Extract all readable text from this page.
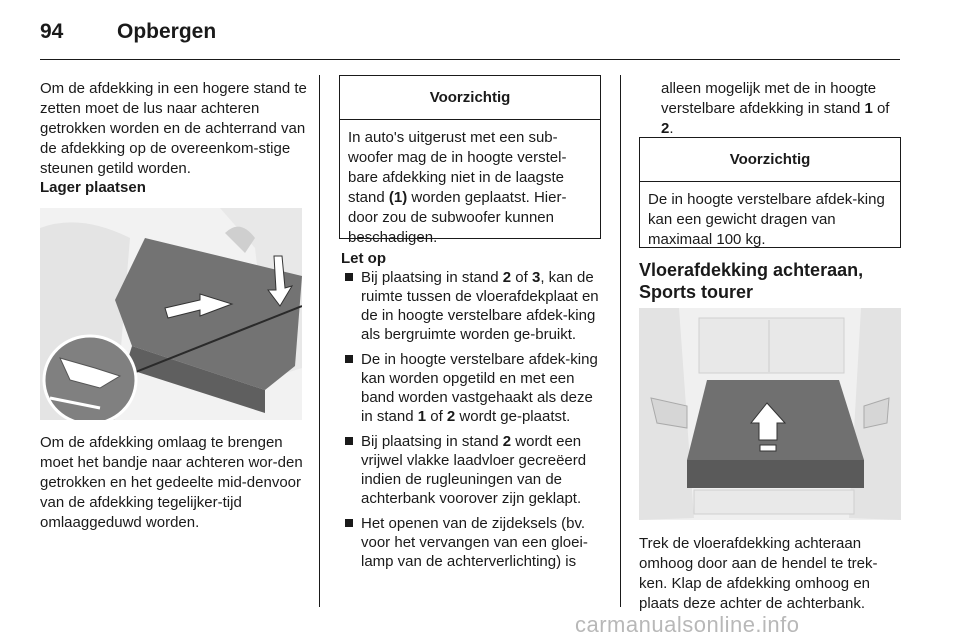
94	Opbergen

Om de afdekking in een hogere stand te zetten moet de lus naar achteren getrokken worden en de achterrand van de afdekking op de overeenkom-stige steunen getild worden.

Lager plaatsen

Om de afdekking omlaag te brengen moet het bandje naar achteren wor-den getrokken en het gedeelte mid-denvoor van de afdekking tegelijker-tijd omlaaggeduwd worden.

Voorzichtig
In auto's uitgerust met een sub-woofer mag de in hoogte verstel-bare afdekking niet in de laagste stand (1) worden geplaatst. Hier-door zou de subwoofer kunnen beschadigen.
Let op
Bij plaatsing in stand 2 of 3, kan de ruimte tussen de vloerafdekplaat en de in hoogte verstelbare afdek-king als bergruimte worden ge-bruikt.
De in hoogte verstelbare afdek-king kan worden opgetild en met een band worden vastgehaakt als deze in stand 1 of 2 wordt ge-plaatst.
Bij plaatsing in stand 2 wordt een vrijwel vlakke laadvloer gecreëerd indien de rugleuningen van de achterbank voorover zijn geklapt.
Het openen van de zijdeksels (bv. voor het vervangen van een gloei-lamp van de achterverlichting) is

alleen mogelijk met de in hoogte verstelbare afdekking in stand 1 of 2.

Voorzichtig
De in hoogte verstelbare afdek-king kan een gewicht dragen van maximaal 100 kg.
Vloerafdekking achteraan, Sports tourer

Trek de vloerafdekking achteraan omhoog door aan de hendel te trek-ken. Klap de afdekking omhoog en plaats deze achter de achterbank.

carmanualsonline.info
